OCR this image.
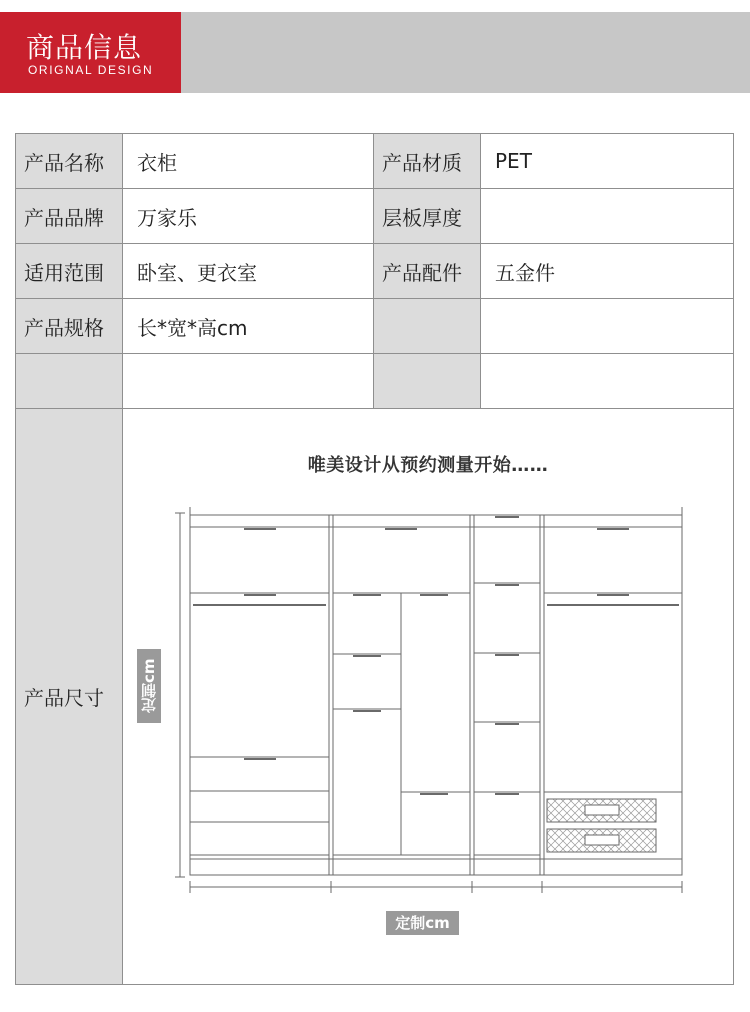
商品信息
ORIGNAL DESIGN
产品名称	衣柜	产品材质	PET
产品品牌	万家乐	层板厚度	
适用范围	卧室、更衣室	产品配件	五金件
产品规格	长*宽*高cm		

产品尺寸	唯美设计从预约测量开始……
定制cm
定制cm		
